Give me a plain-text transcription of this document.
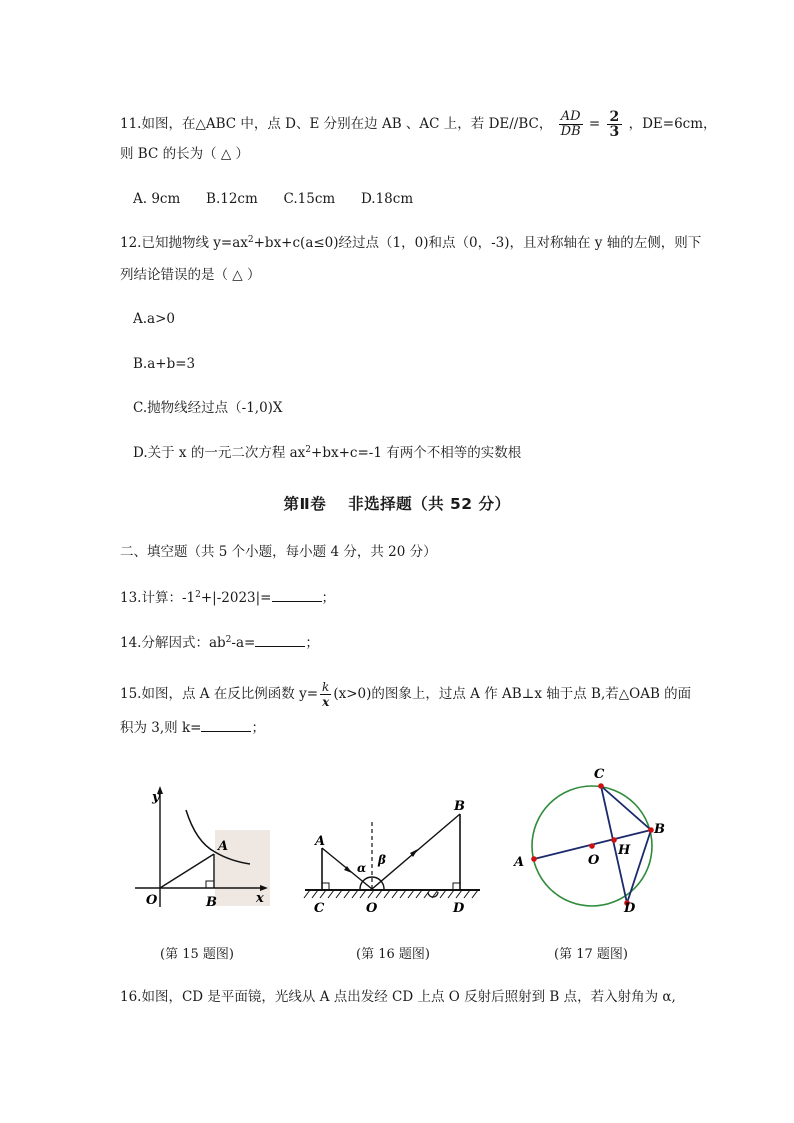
11.如图，在△ABC 中，点 D、E 分别在边 AB 、AC 上，若 DE//BC， $\frac{AD}{DB} = \frac{2}{3}$ ，DE=6cm，
则 BC 的长为（ △ ）
A. 9cm      B.12cm      C.15cm      D.18cm
12.已知抛物线 $y=ax^2+bx+c(a\le 0)$经过点（1，0)和点（0，-3)，且对称轴在 y 轴的左侧，则下
列结论错误的是（ △ ）
A.a>0
B.a+b=3
C.抛物线经过点（-1,0)X
D.关于 x 的一元二次方程 $ax^2+bx+c=-1$ 有两个不相等的实数根
第Ⅱ卷　 非选择题（共 52 分）
二、填空题（共 5 个小题，每小题 4 分，共 20 分）
13.计算：$-1^2+|-2023|=$	；
14.分解因式：$ab^2-a=$	；
15.如图，点 A 在反比例函数 $y= \frac{k}{x} (x>0)$的图象上，过点 A 作 AB⊥x 轴于点 B,若△OAB 的面
积为 3,则 k=	；
y
x
O
A
B
(第 15 题图)
A
B
C	O	D
α
β
(第 16 题图)
C
B
D
A	O
H
(第 17 题图)
16.如图，CD 是平面镜，光线从 A 点出发经 CD 上点 O 反射后照射到 B 点，若入射角为 α,
